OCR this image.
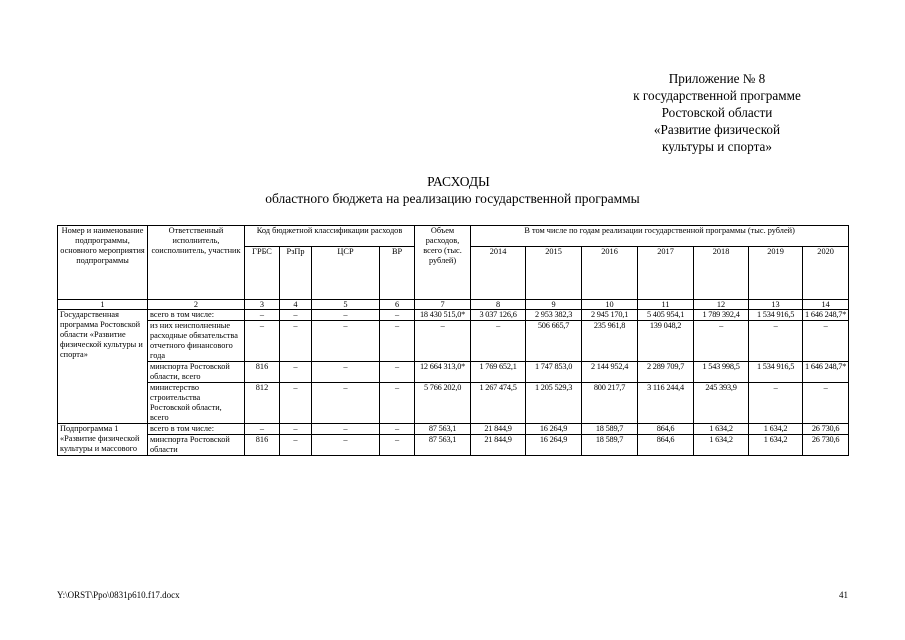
Приложение № 8
к государственной программе
Ростовской области
«Развитие физической
культуры и спорта»
РАСХОДЫ
областного бюджета на реализацию государственной программы
Номер и наименование подпрограммы, основного мероприятия подпрограммы	Ответственный исполнитель, соисполнитель, участник	Код бюджетной классификации расходов				Объем расходов, всего (тыс. рублей)	В том числе по годам реализации государственной программы (тыс. рублей)						
		ГРБС	РзПр	ЦСР	ВР		2014	2015	2016	2017	2018	2019	2020
1	2	3	4	5	6	7	8	9	10	11	12	13	14
Государственная программа Ростовской области «Развитие физической культуры и спорта»	всего в том числе:	–	–	–	–	18 430 515,0*	3 037 126,6	2 953 382,3	2 945 170,1	5 405 954,1	1 789 392,4	1 534 916,5	1 646 248,7*
	из них неисполненные расходные обязательства отчетного финансового года	–	–	–	–	–	–	506 665,7	235 961,8	139 048,2	–	–	–
	минспорта Ростовской области, всего	816	–	–	–	12 664 313,0*	1 769 652,1	1 747 853,0	2 144 952,4	2 289 709,7	1 543 998,5	1 534 916,5	1 646 248,7*
	министерство строительства Ростовской области, всего	812	–	–	–	5 766 202,0	1 267 474,5	1 205 529,3	800 217,7	3 116 244,4	245 393,9	–	–
Подпрограмма 1 «Развитие физической культуры и массового	всего в том числе:	–	–	–	–	87 563,1	21 844,9	16 264,9	18 589,7	864,6	1 634,2	1 634,2	26 730,6
	минспорта Ростовской области	816	–	–	–	87 563,1	21 844,9	16 264,9	18 589,7	864,6	1 634,2	1 634,2	26 730,6
Y:\ORST\Ppo\0831p610.f17.docx	41
